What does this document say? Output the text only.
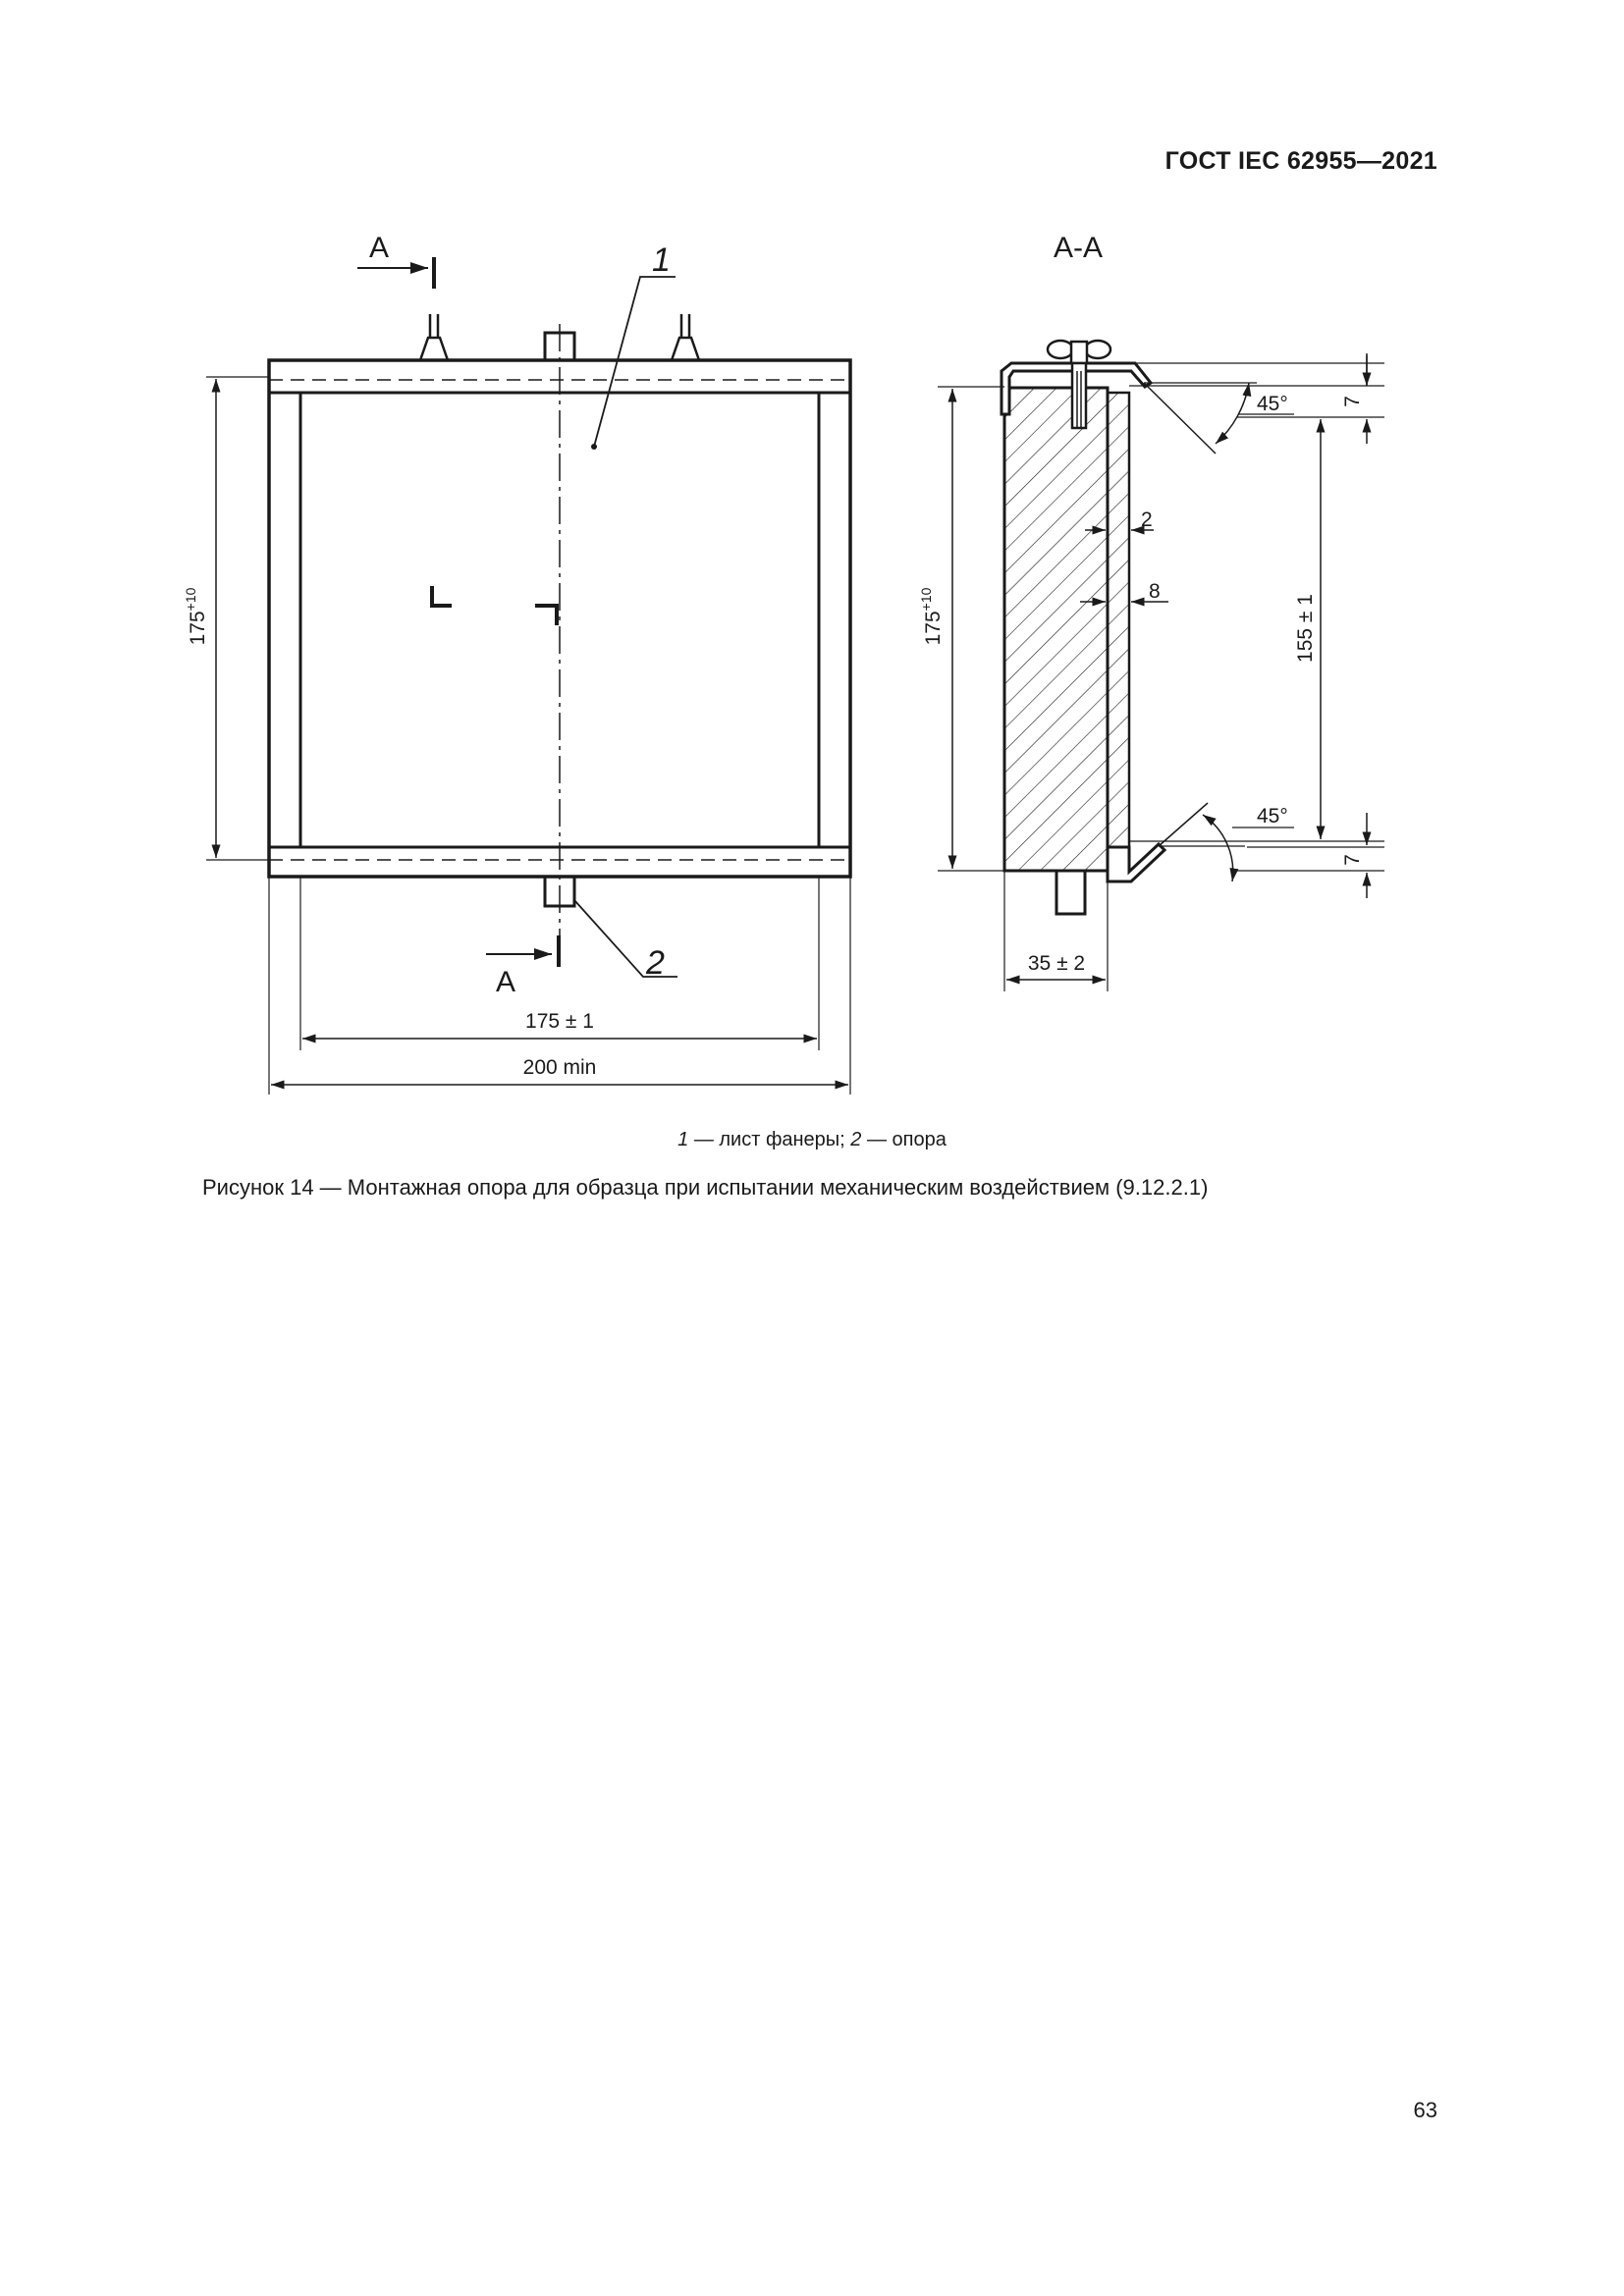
ГОСТ IEC 62955—2021
А
А
1
2
$175^{+10}$
175 ± 1
200 min
А-А
$175^{+10}$
2
8
35 ± 2
45°
45°
155 ± 1
7
7
1 — лист фанеры; 2 — опора
Рисунок 14 — Монтажная опора для образца при испытании механическим воздействием (9.12.2.1)
63
